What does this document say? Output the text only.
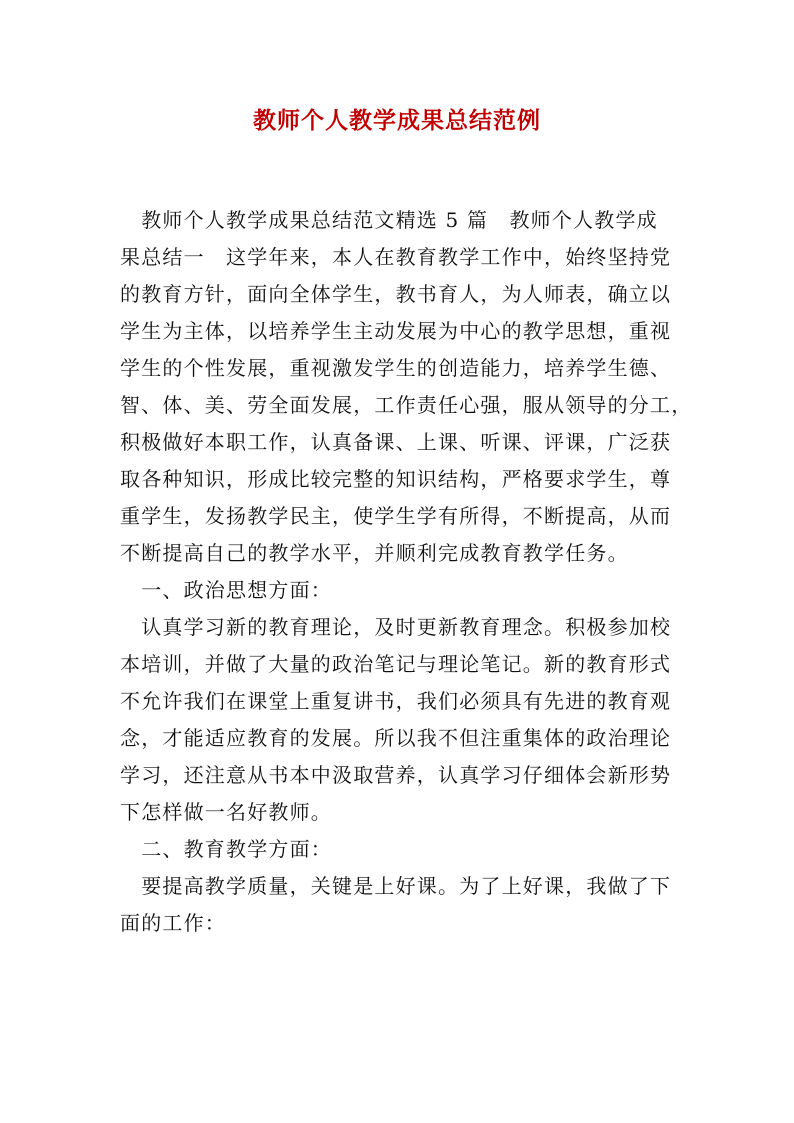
教师个人教学成果总结范例
　教师个人教学成果总结范文精选 5 篇　教师个人教学成
果总结一　这学年来，本人在教育教学工作中，始终坚持党
的教育方针，面向全体学生，教书育人，为人师表，确立以
学生为主体，以培养学生主动发展为中心的教学思想，重视
学生的个性发展，重视激发学生的创造能力，培养学生德、
智、体、美、劳全面发展，工作责任心强，服从领导的分工，
积极做好本职工作，认真备课、上课、听课、评课，广泛获
取各种知识，形成比较完整的知识结构，严格要求学生，尊
重学生，发扬教学民主，使学生学有所得，不断提高，从而
不断提高自己的教学水平，并顺利完成教育教学任务。
　一、政治思想方面：
　认真学习新的教育理论，及时更新教育理念。积极参加校
本培训，并做了大量的政治笔记与理论笔记。新的教育形式
不允许我们在课堂上重复讲书，我们必须具有先进的教育观
念，才能适应教育的发展。所以我不但注重集体的政治理论
学习，还注意从书本中汲取营养，认真学习仔细体会新形势
下怎样做一名好教师。
　二、教育教学方面：
　要提高教学质量，关键是上好课。为了上好课，我做了下
面的工作：
